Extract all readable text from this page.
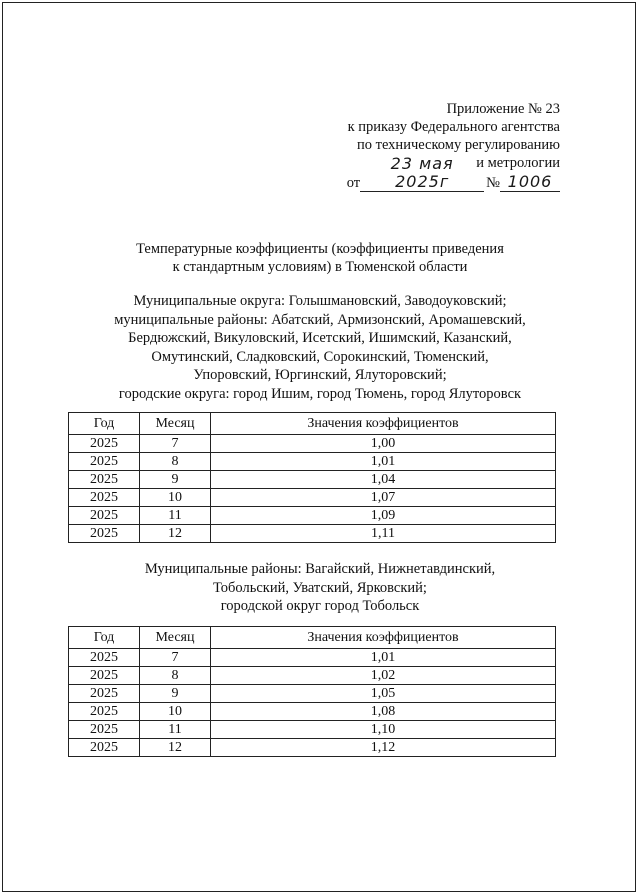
Приложение № 23
к приказу Федерального агентства
по техническому регулированию
и метрологии
от
23 мая 2025г	№ 1006
Температурные коэффициенты (коэффициенты приведения
к стандартным условиям) в Тюменской области
Муниципальные округа: Голышмановский, Заводоуковский;
муниципальные районы: Абатский, Армизонский, Аромашевский,
Бердюжский, Викуловский, Исетский, Ишимский, Казанский,
Омутинский, Сладковский, Сорокинский, Тюменский,
Упоровский, Юргинский, Ялуторовский;
городские округа: город Ишим, город Тюмень, город Ялуторовск
Год	Месяц	Значения коэффициентов
2025	7	1,00
2025	8	1,01
2025	9	1,04
2025	10	1,07
2025	11	1,09
2025	12	1,11
Муниципальные районы: Вагайский, Нижнетавдинский,
Тобольский, Уватский, Ярковский;
городской округ город Тобольск
Год	Месяц	Значения коэффициентов
2025	7	1,01
2025	8	1,02
2025	9	1,05
2025	10	1,08
2025	11	1,10
2025	12	1,12
